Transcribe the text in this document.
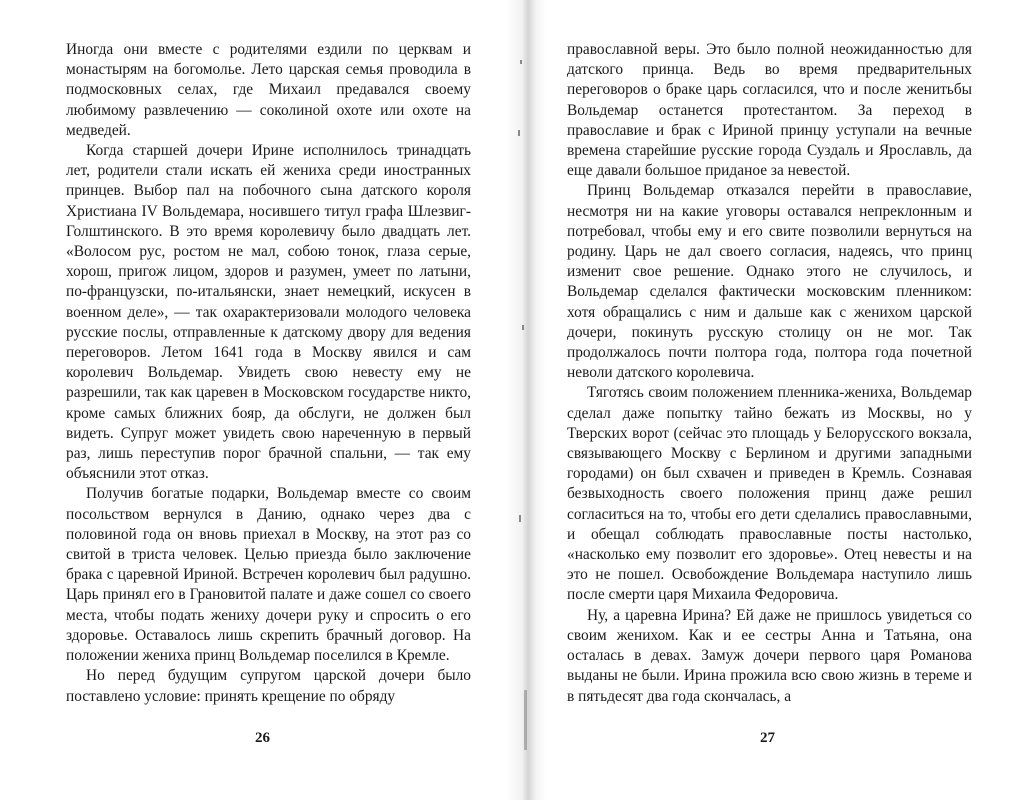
Иногда они вместе с родителями ездили по церквам и монастырям на богомолье. Лето царская семья проводила в подмосковных селах, где Михаил предавался своему любимому развлечению — соколиной охоте или охоте на медведей.

Когда старшей дочери Ирине исполнилось тринадцать лет, родители стали искать ей жениха среди иностранных принцев. Выбор пал на побочного сына датского короля Христиана IV Вольдемара, носившего титул графа Шлезвиг-Голштинского. В это время королевичу было двадцать лет. «Волосом рус, ростом не мал, собою тонок, глаза серые, хорош, пригож лицом, здоров и разумен, умеет по латыни, по-французски, по-итальянски, знает немецкий, искусен в военном деле», — так охарактеризовали молодого человека русские послы, отправленные к датскому двору для ведения переговоров. Летом 1641 года в Москву явился и сам королевич Вольдемар. Увидеть свою невесту ему не разрешили, так как царевен в Московском государстве никто, кроме самых ближних бояр, да обслуги, не должен был видеть. Супруг может увидеть свою нареченную в первый раз, лишь переступив порог брачной спальни, — так ему объяснили этот отказ.

Получив богатые подарки, Вольдемар вместе со своим посольством вернулся в Данию, однако через два с половиной года он вновь приехал в Москву, на этот раз со свитой в триста человек. Целью приезда было заключение брака с царевной Ириной. Встречен королевич был радушно. Царь принял его в Грановитой палате и даже сошел со своего места, чтобы подать жениху дочери руку и спросить о его здоровье. Оставалось лишь скрепить брачный договор. На положении жениха принц Вольдемар поселился в Кремле.

Но перед будущим супругом царской дочери было поставлено условие: принять крещение по обряду

православной веры. Это было полной неожиданностью для датского принца. Ведь во время предварительных переговоров о браке царь согласился, что и после женитьбы Вольдемар останется протестантом. За переход в православие и брак с Ириной принцу уступали на вечные времена старейшие русские города Суздаль и Ярославль, да еще давали большое приданое за невестой.

Принц Вольдемар отказался перейти в православие, несмотря ни на какие уговоры оставался непреклонным и потребовал, чтобы ему и его свите позволили вернуться на родину. Царь не дал своего согласия, надеясь, что принц изменит свое решение. Однако этого не случилось, и Вольдемар сделался фактически московским пленником: хотя обращались с ним и дальше как с женихом царской дочери, покинуть русскую столицу он не мог. Так продолжалось почти полтора года, полтора года почетной неволи датского королевича.

Тяготясь своим положением пленника-жениха, Вольдемар сделал даже попытку тайно бежать из Москвы, но у Тверских ворот (сейчас это площадь у Белорусского вокзала, связывающего Москву с Берлином и другими западными городами) он был схвачен и приведен в Кремль. Сознавая безвыходность своего положения принц даже решил согласиться на то, чтобы его дети сделались православными, и обещал соблюдать православные посты настолько, «насколько ему позволит его здоровье». Отец невесты и на это не пошел. Освобождение Вольдемара наступило лишь после смерти царя Михаила Федоровича.

Ну, а царевна Ирина? Ей даже не пришлось увидеться со своим женихом. Как и ее сестры Анна и Татьяна, она осталась в девах. Замуж дочери первого царя Романова выданы не были. Ирина прожила всю свою жизнь в тереме и в пятьдесят два года скончалась, а

26	27
